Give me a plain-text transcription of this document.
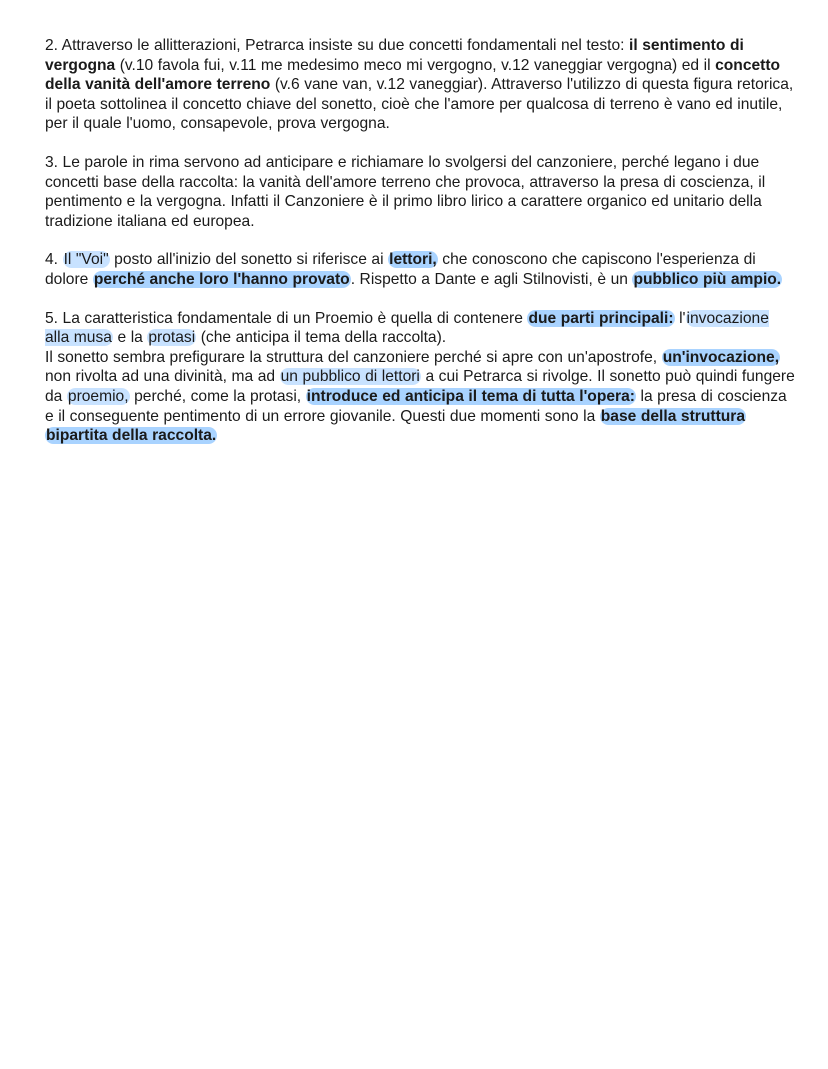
2. Attraverso le allitterazioni, Petrarca insiste su due concetti fondamentali nel testo: il sentimento di vergogna (v.10 favola fui, v.11 me medesimo meco mi vergogno, v.12 vaneggiar vergogna) ed il concetto della vanità dell'amore terreno (v.6 vane van, v.12 vaneggiar). Attraverso l'utilizzo di questa figura retorica, il poeta sottolinea il concetto chiave del sonetto, cioè che l'amore per qualcosa di terreno è vano ed inutile, per il quale l'uomo, consapevole, prova vergogna.

3. Le parole in rima servono ad anticipare e richiamare lo svolgersi del canzoniere, perché legano i due concetti base della raccolta: la vanità dell'amore terreno che provoca, attraverso la presa di coscienza, il pentimento e la vergogna. Infatti il Canzoniere è il primo libro lirico a carattere organico ed unitario della tradizione italiana ed europea.

4. Il "Voi" posto all'inizio del sonetto si riferisce ai lettori, che conoscono che capiscono l'esperienza di dolore perché anche loro l'hanno provato. Rispetto a Dante e agli Stilnovisti, è un pubblico più ampio.

5. La caratteristica fondamentale di un Proemio è quella di contenere due parti principali: l'invocazione alla musa e la protasi (che anticipa il tema della raccolta).
Il sonetto sembra prefigurare la struttura del canzoniere perché si apre con un'apostrofe, un'invocazione, non rivolta ad una divinità, ma ad un pubblico di lettori a cui Petrarca si rivolge. Il sonetto può quindi fungere da proemio, perché, come la protasi, introduce ed anticipa il tema di tutta l'opera: la presa di coscienza e il conseguente pentimento di un errore giovanile. Questi due momenti sono la base della struttura bipartita della raccolta.
